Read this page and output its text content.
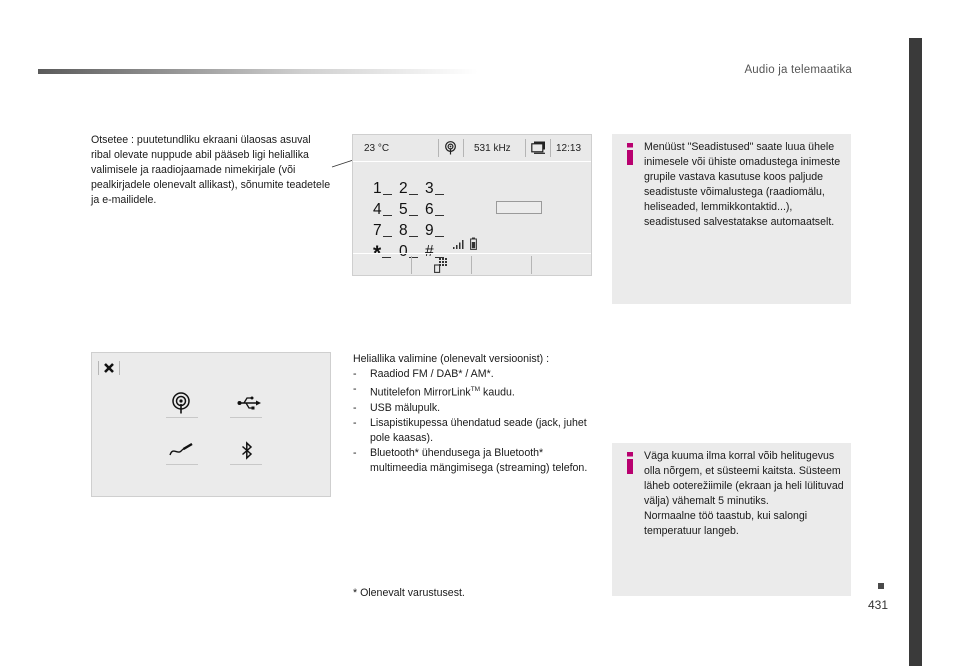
Audio ja telemaatika
431
Otsetee : puutetundliku ekraani ülaosas asuval ribal olevate nuppude abil pääseb ligi heliallika valimisele ja raadiojaamade nimekirjale (või pealkirjadele olenevalt allikast), sõnumite teadetele ja e-mailidele.
23 °C	531 kHz	12:13
1 2 3
4 5 6
7 8 9
* 0 #
Heliallika valimine (olenevalt versioonist) :
- Raadiod FM / DAB* / AM*.
- Nutitelefon MirrorLink™ kaudu.
- USB mälupulk.
- Lisapistikupessa ühendatud seade (jack, juhet pole kaasas).
- Bluetooth* ühendusega ja Bluetooth* multimeedia mängimisega (streaming) telefon.
* Olenevalt varustusest.
Menüüst "Seadistused" saate luua ühele inimesele või ühiste omadustega inimeste grupile vastava kasutuse koos paljude seadistuste võimalustega (raadiomälu, heliseaded, lemmikkontaktid...), seadistused salvestatakse automaatselt.
Väga kuuma ilma korral võib helitugevus olla nõrgem, et süsteemi kaitsta. Süsteem läheb ooterežiimile (ekraan ja heli lülituvad välja) vähemalt 5 minutiks.
Normaalne töö taastub, kui salongi temperatuur langeb.
